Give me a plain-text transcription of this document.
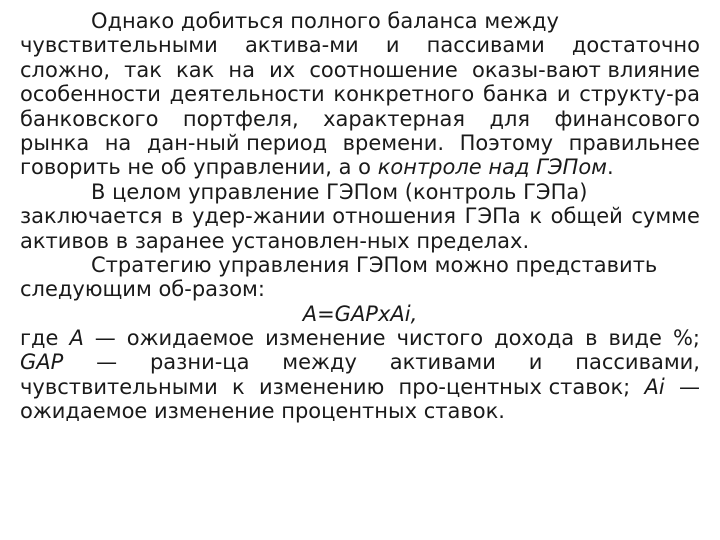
Однако добиться полного баланса между
чувствительными актива-ми и пассивами достаточно
сложно, так как на их соотношение оказы-вают влияние
особенности деятельности конкретного банка и структу-ра
банковского портфеля, характерная для финансового
рынка на дан-ный период времени. Поэтому правильнее
говорить не об управлении, а о контроле над ГЭПом.
В целом управление ГЭПом (контроль ГЭПа)
заключается в удер-жании отношения ГЭПа к общей сумме
активов в заранее установлен-ных пределах.
Стратегию управления ГЭПом можно представить
следующим об-разом:
А=GAPxAi,
где А — ожидаемое изменение чистого дохода в виде %;
GAP — разни-ца между активами и пассивами,
чувствительными к изменению про-центных ставок; Ai —
ожидаемое изменение процентных ставок.
